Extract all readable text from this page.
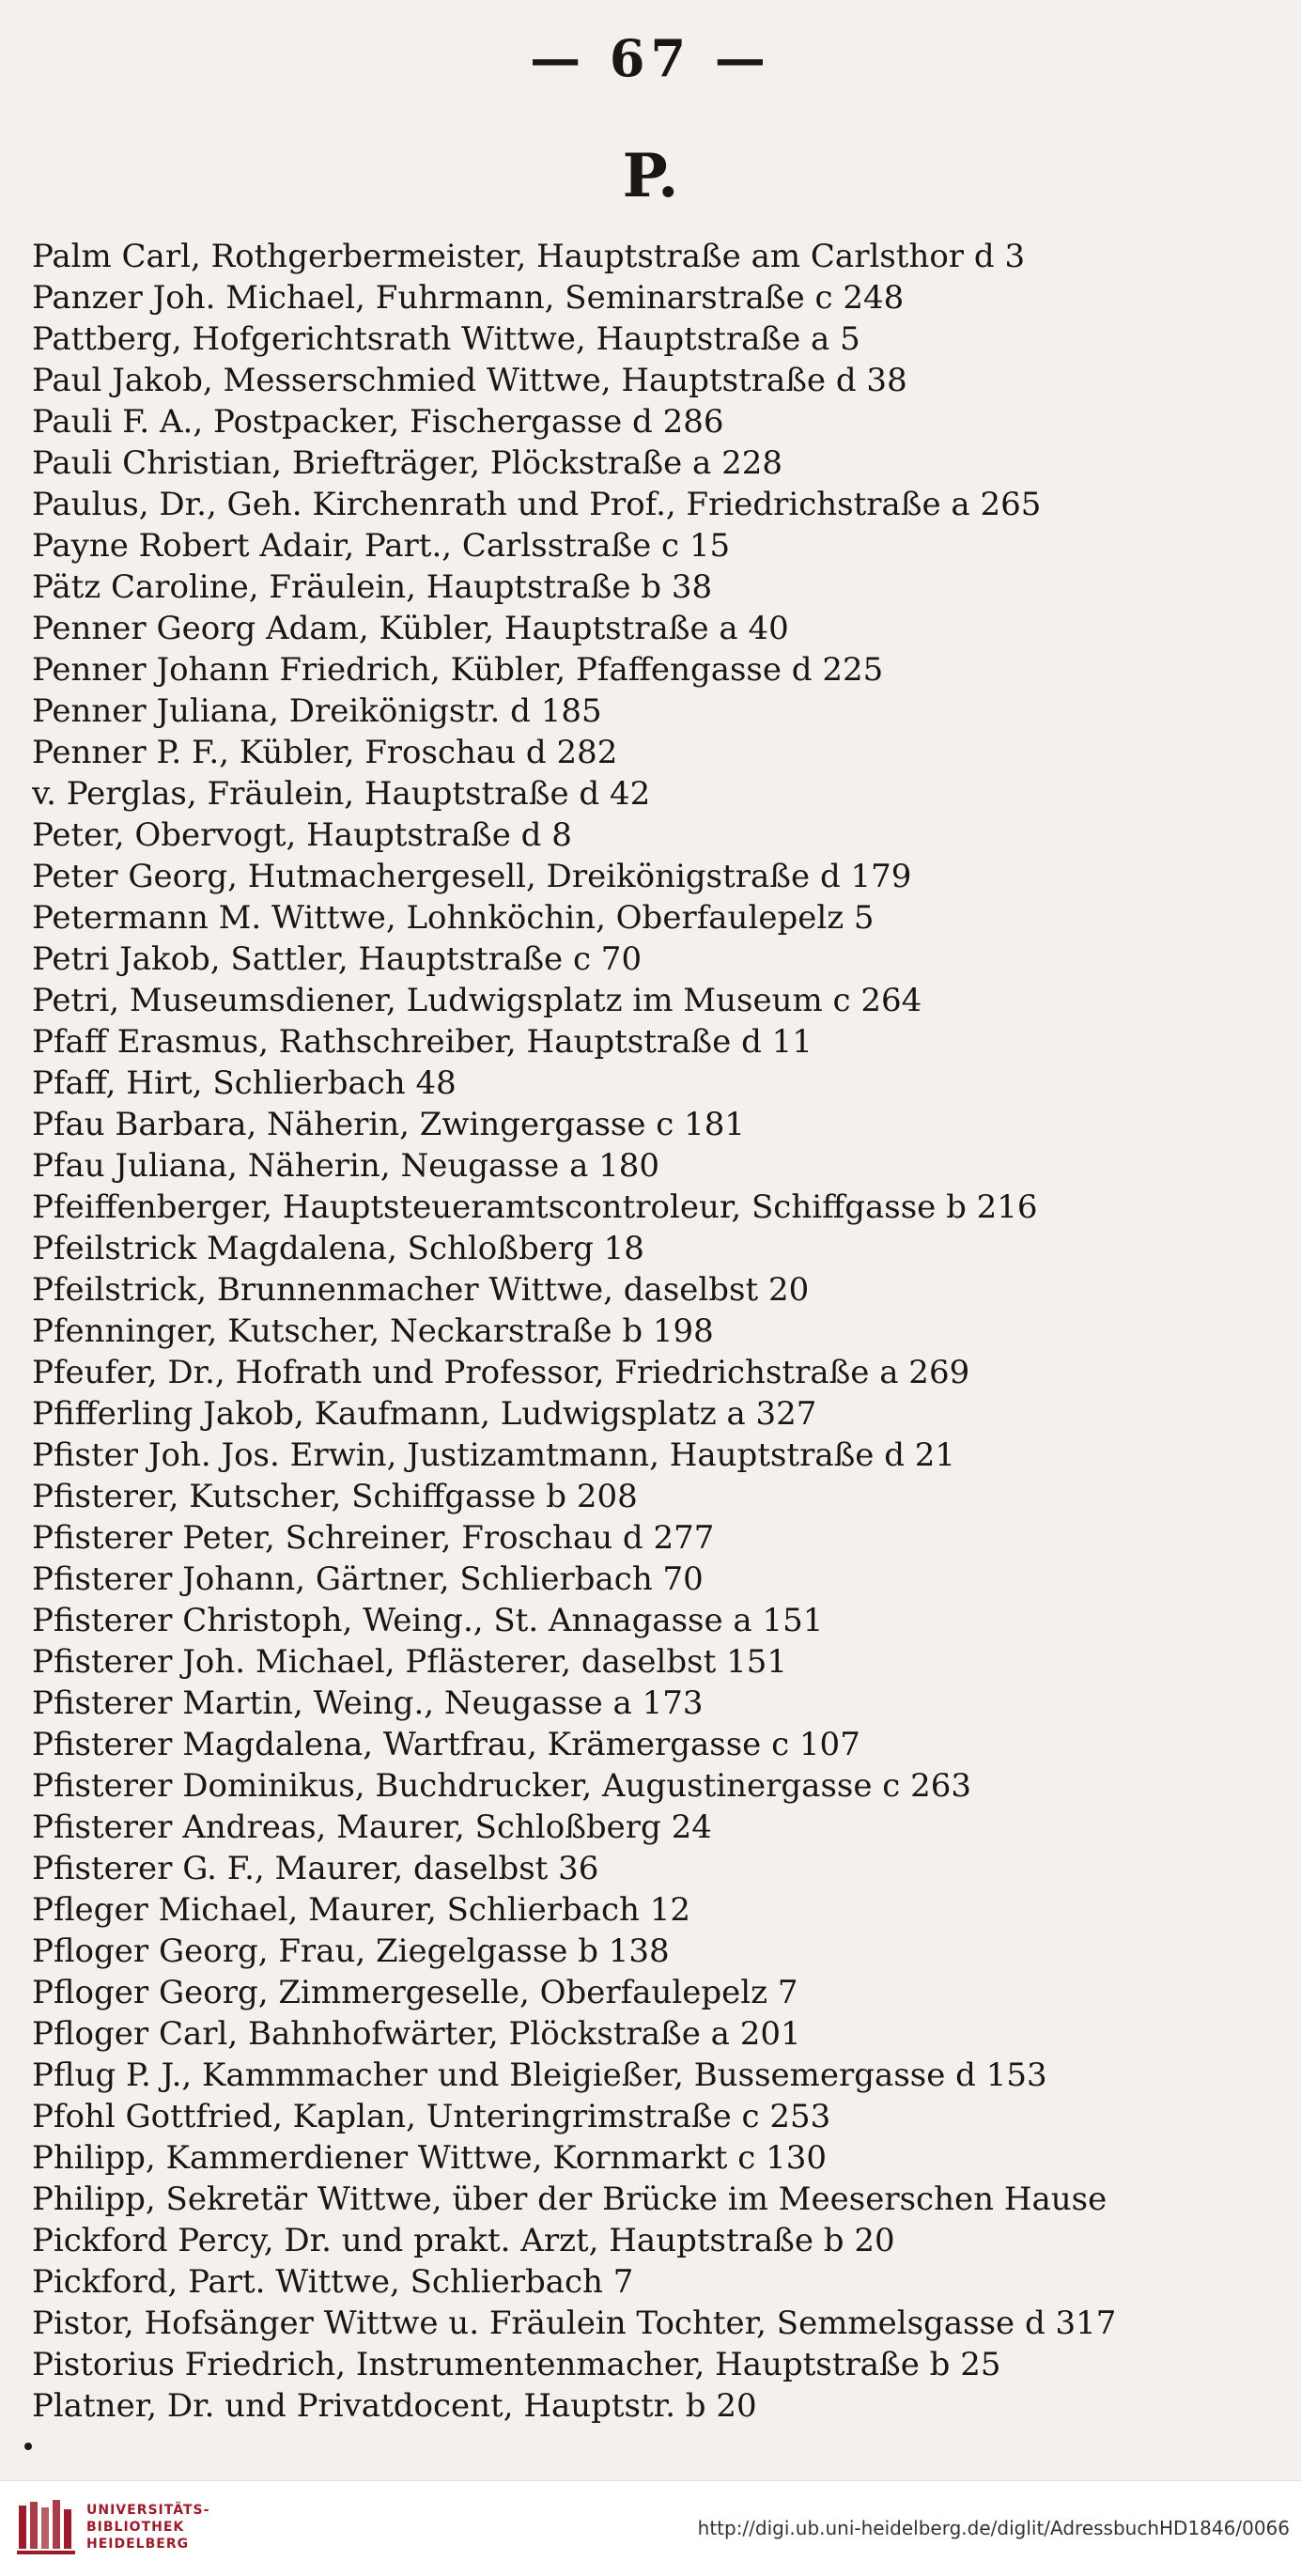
— 67 —
P.
Palm Carl, Rothgerbermeister, Hauptstraße am Carlsthor d 3
Panzer Joh. Michael, Fuhrmann, Seminarstraße c 248
Pattberg, Hofgerichtsrath Wittwe, Hauptstraße a 5
Paul Jakob, Messerschmied Wittwe, Hauptstraße d 38
Pauli F. A., Postpacker, Fischergasse d 286
Pauli Christian, Briefträger, Plöckstraße a 228
Paulus, Dr., Geh. Kirchenrath und Prof., Friedrichstraße a 265
Payne Robert Adair, Part., Carlsstraße c 15
Pätz Caroline, Fräulein, Hauptstraße b 38
Penner Georg Adam, Kübler, Hauptstraße a 40
Penner Johann Friedrich, Kübler, Pfaffengasse d 225
Penner Juliana, Dreikönigstr. d 185
Penner P. F., Kübler, Froschau d 282
v. Perglas, Fräulein, Hauptstraße d 42
Peter, Obervogt, Hauptstraße d 8
Peter Georg, Hutmachergesell, Dreikönigstraße d 179
Petermann M. Wittwe, Lohnköchin, Oberfaulepelz 5
Petri Jakob, Sattler, Hauptstraße c 70
Petri, Museumsdiener, Ludwigsplatz im Museum c 264
Pfaff Erasmus, Rathschreiber, Hauptstraße d 11
Pfaff, Hirt, Schlierbach 48
Pfau Barbara, Näherin, Zwingergasse c 181
Pfau Juliana, Näherin, Neugasse a 180
Pfeiffenberger, Hauptsteueramtscontroleur, Schiffgasse b 216
Pfeilstrick Magdalena, Schloßberg 18
Pfeilstrick, Brunnenmacher Wittwe, daselbst 20
Pfenninger, Kutscher, Neckarstraße b 198
Pfeufer, Dr., Hofrath und Professor, Friedrichstraße a 269
Pfifferling Jakob, Kaufmann, Ludwigsplatz a 327
Pfister Joh. Jos. Erwin, Justizamtmann, Hauptstraße d 21
Pfisterer, Kutscher, Schiffgasse b 208
Pfisterer Peter, Schreiner, Froschau d 277
Pfisterer Johann, Gärtner, Schlierbach 70
Pfisterer Christoph, Weing., St. Annagasse a 151
Pfisterer Joh. Michael, Pflästerer, daselbst 151
Pfisterer Martin, Weing., Neugasse a 173
Pfisterer Magdalena, Wartfrau, Krämergasse c 107
Pfisterer Dominikus, Buchdrucker, Augustinergasse c 263
Pfisterer Andreas, Maurer, Schloßberg 24
Pfisterer G. F., Maurer, daselbst 36
Pfleger Michael, Maurer, Schlierbach 12
Pfloger Georg, Frau, Ziegelgasse b 138
Pfloger Georg, Zimmergeselle, Oberfaulepelz 7
Pfloger Carl, Bahnhofwärter, Plöckstraße a 201
Pflug P. J., Kammmacher und Bleigießer, Bussemergasse d 153
Pfohl Gottfried, Kaplan, Unteringrimstraße c 253
Philipp, Kammerdiener Wittwe, Kornmarkt c 130
Philipp, Sekretär Wittwe, über der Brücke im Meeserschen Hause
Pickford Percy, Dr. und prakt. Arzt, Hauptstraße b 20
Pickford, Part. Wittwe, Schlierbach 7
Pistor, Hofsänger Wittwe u. Fräulein Tochter, Semmelsgasse d 317
Pistorius Friedrich, Instrumentenmacher, Hauptstraße b 25
Platner, Dr. und Privatdocent, Hauptstr. b 20
UNIVERSITÄTS-
BIBLIOTHEK
HEIDELBERG
http://digi.ub.uni-heidelberg.de/diglit/AdressbuchHD1846/0066
